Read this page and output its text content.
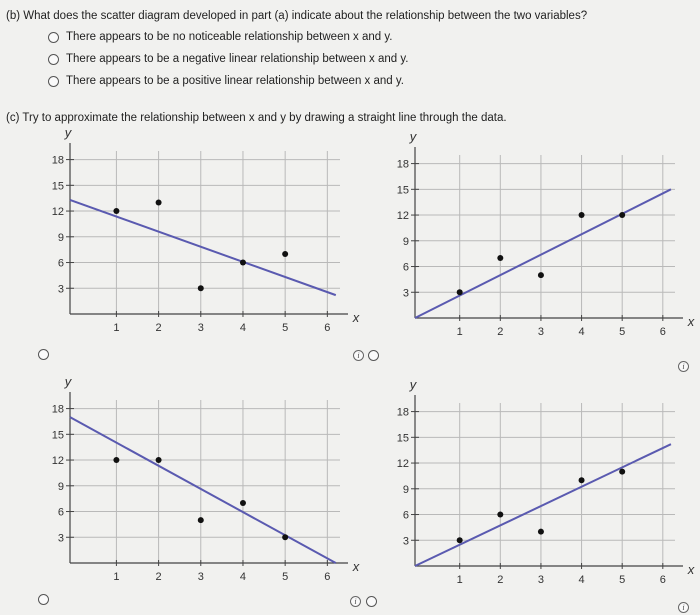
(b) What does the scatter diagram developed in part (a) indicate about the relationship between the two variables?
There appears to be no noticeable relationship between x and y.
There appears to be a negative linear relationship between x and y.
There appears to be a positive linear relationship between x and y.
(c) Try to approximate the relationship between x and y by drawing a straight line through the data.
18
15
12
9
6
3
1	2	3	4	5	6
y
x
18
15
12
9
6
3
1	2	3	4	5	6
y
x
18
15
12
9
6
3
1	2	3	4	5	6
y
x
18
15
12
9
6
3
1	2	3	4	5	6
y
x
i
i
i
i
